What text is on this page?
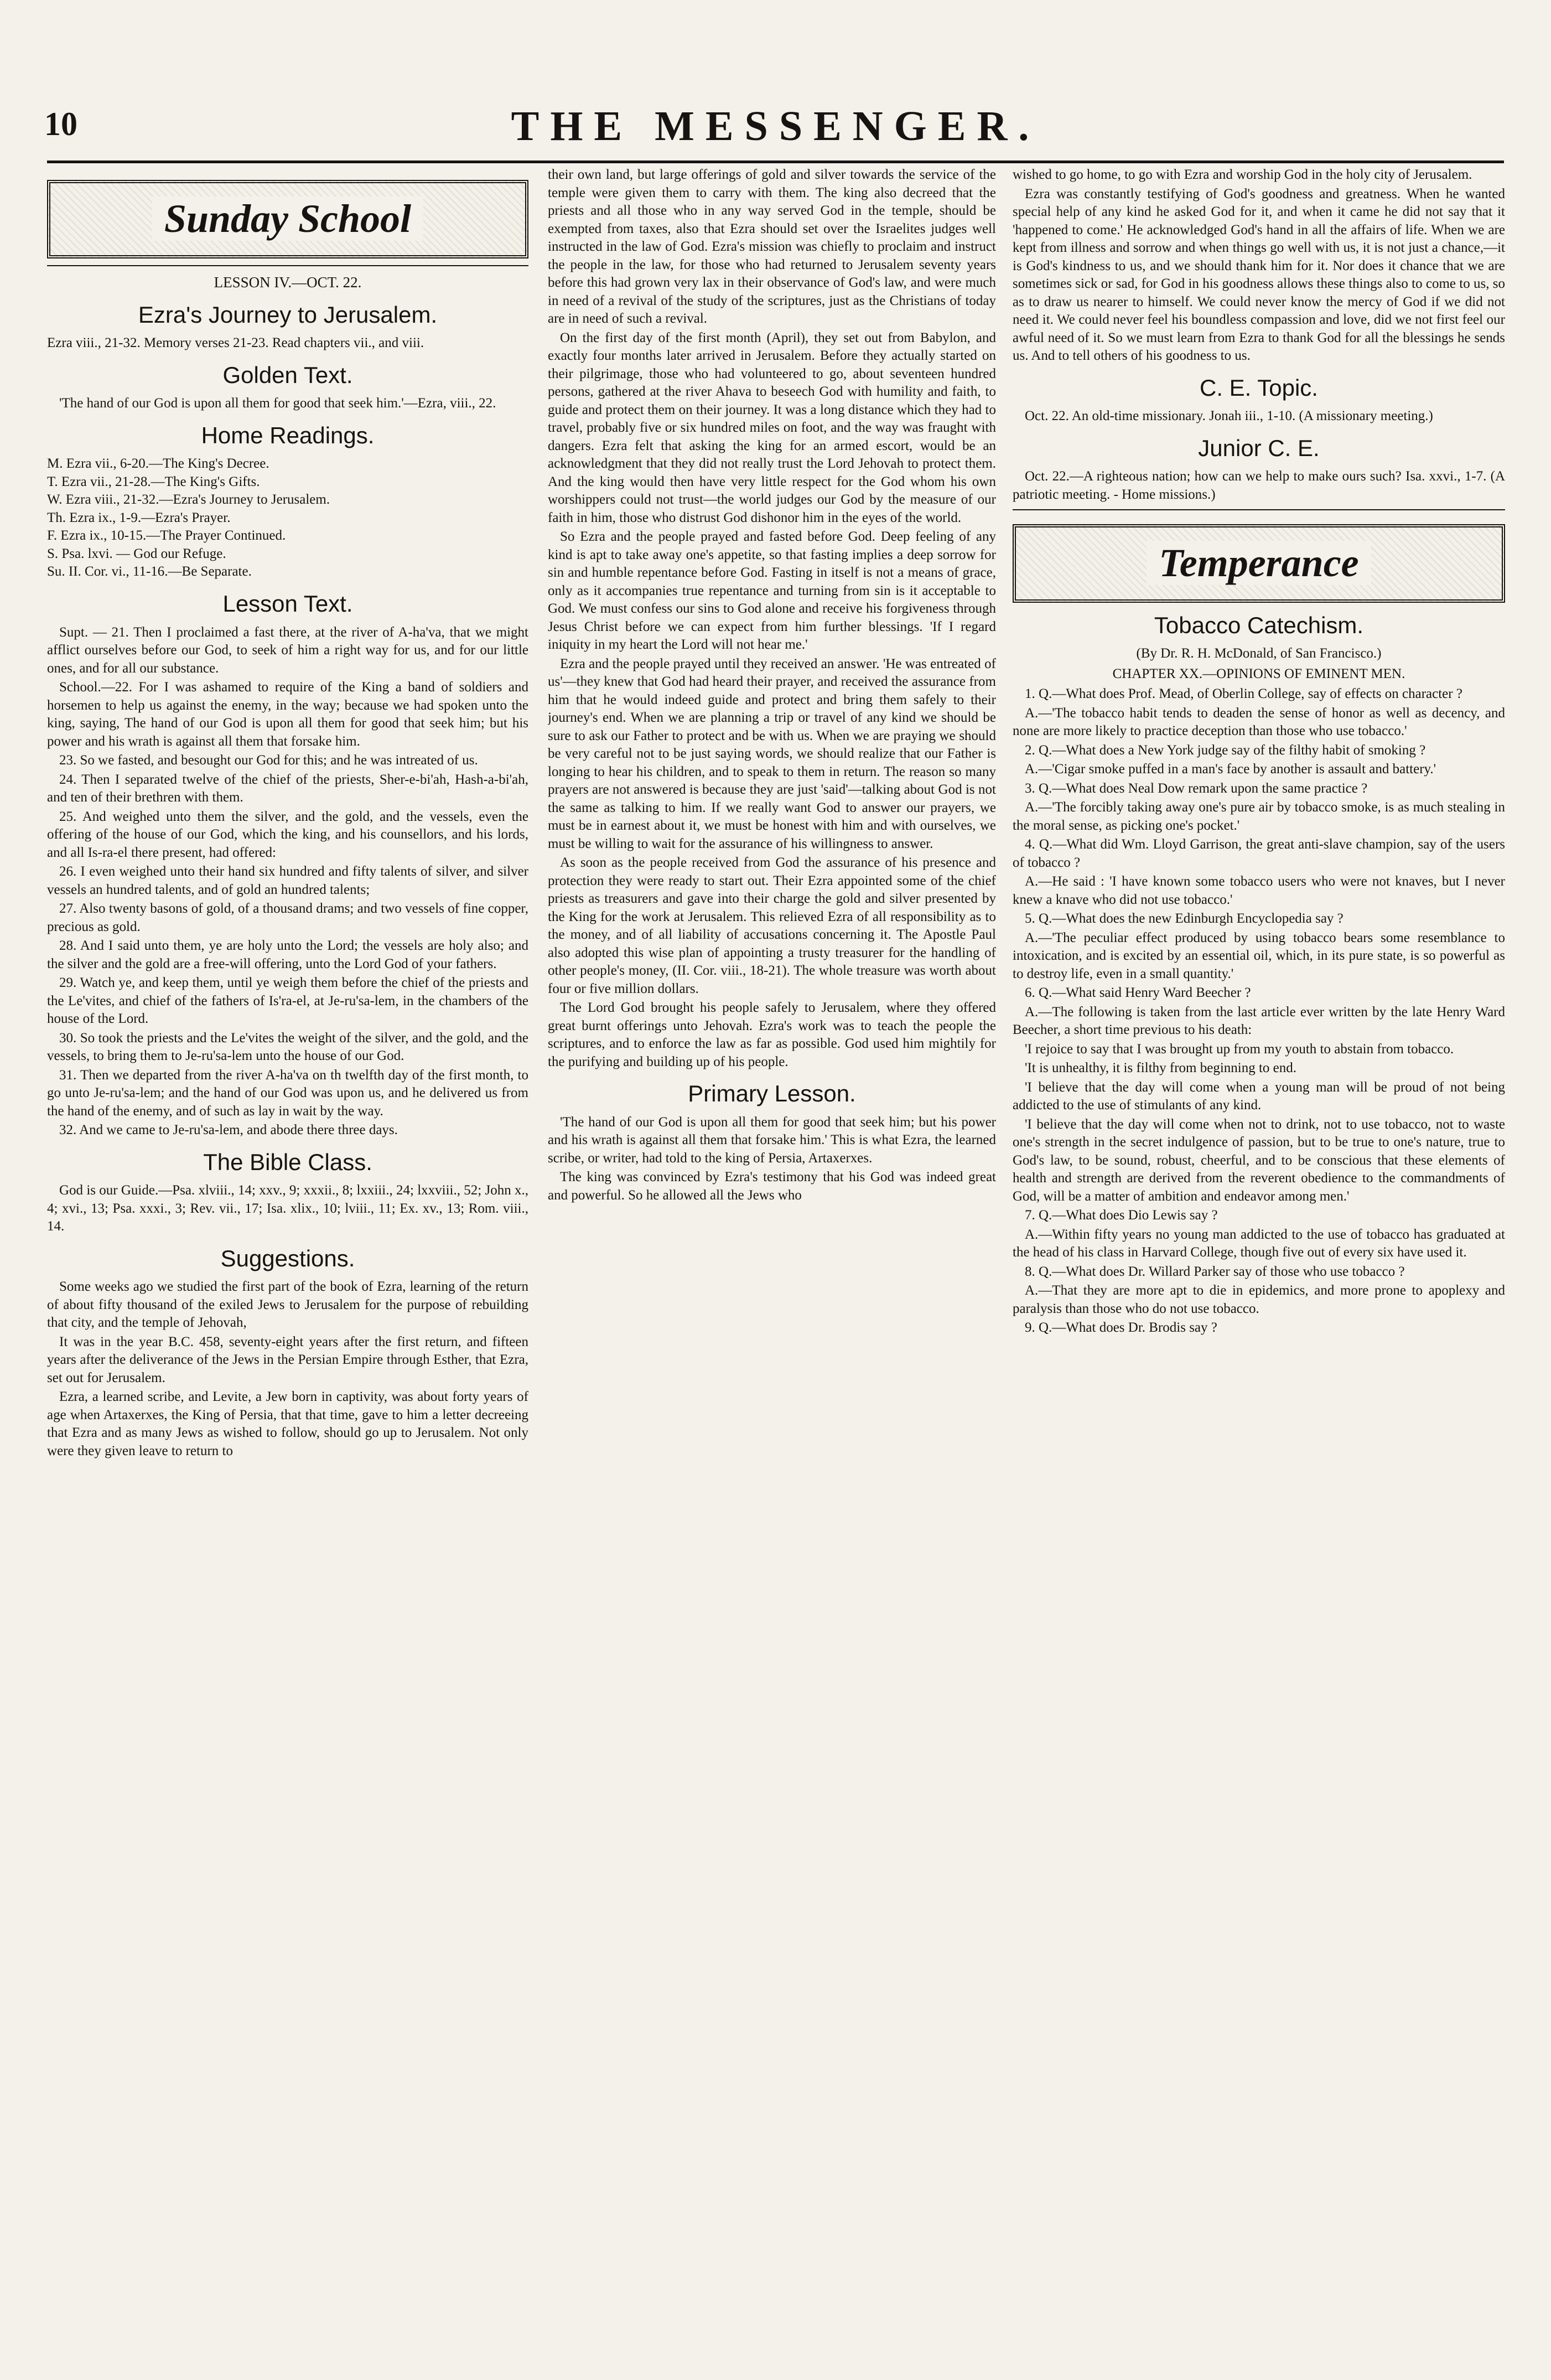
10	THE MESSENGER.
Sunday School
LESSON IV.—OCT. 22.
Ezra's Journey to Jerusalem.

Ezra viii., 21-32. Memory verses 21-23. Read chapters vii., and viii.

Golden Text.

'The hand of our God is upon all them for good that seek him.'—Ezra, viii., 22.

Home Readings.
M. Ezra vii., 6-20.—The King's Decree.
T. Ezra vii., 21-28.—The King's Gifts.
W. Ezra viii., 21-32.—Ezra's Journey to Jerusalem.
Th. Ezra ix., 1-9.—Ezra's Prayer.
F. Ezra ix., 10-15.—The Prayer Continued.
S. Psa. lxvi. — God our Refuge.
Su. II. Cor. vi., 11-16.—Be Separate.
Lesson Text.

Supt. — 21. Then I proclaimed a fast there, at the river of A-ha'va, that we might afflict ourselves before our God, to seek of him a right way for us, and for our little ones, and for all our substance.

School.—22. For I was ashamed to require of the King a band of soldiers and horsemen to help us against the enemy, in the way; because we had spoken unto the king, saying, The hand of our God is upon all them for good that seek him; but his power and his wrath is against all them that forsake him.

23. So we fasted, and besought our God for this; and he was intreated of us.

24. Then I separated twelve of the chief of the priests, Sher-e-bi'ah, Hash-a-bi'ah, and ten of their brethren with them.

25. And weighed unto them the silver, and the gold, and the vessels, even the offering of the house of our God, which the king, and his counsellors, and his lords, and all Is-ra-el there present, had offered:

26. I even weighed unto their hand six hundred and fifty talents of silver, and silver vessels an hundred talents, and of gold an hundred talents;

27. Also twenty basons of gold, of a thousand drams; and two vessels of fine copper, precious as gold.

28. And I said unto them, ye are holy unto the Lord; the vessels are holy also; and the silver and the gold are a free-will offering, unto the Lord God of your fathers.

29. Watch ye, and keep them, until ye weigh them before the chief of the priests and the Le'vites, and chief of the fathers of Is'ra-el, at Je-ru'sa-lem, in the chambers of the house of the Lord.

30. So took the priests and the Le'vites the weight of the silver, and the gold, and the vessels, to bring them to Je-ru'sa-lem unto the house of our God.

31. Then we departed from the river A-ha'va on th twelfth day of the first month, to go unto Je-ru'sa-lem; and the hand of our God was upon us, and he delivered us from the hand of the enemy, and of such as lay in wait by the way.

32. And we came to Je-ru'sa-lem, and abode there three days.

The Bible Class.

God is our Guide.—Psa. xlviii., 14; xxv., 9; xxxii., 8; lxxiii., 24; lxxviii., 52; John x., 4; xvi., 13; Psa. xxxi., 3; Rev. vii., 17; Isa. xlix., 10; lviii., 11; Ex. xv., 13; Rom. viii., 14.

Suggestions.

Some weeks ago we studied the first part of the book of Ezra, learning of the return of about fifty thousand of the exiled Jews to Jerusalem for the purpose of rebuilding that city, and the temple of Jehovah,

It was in the year B.C. 458, seventy-eight years after the first return, and fifteen years after the deliverance of the Jews in the Persian Empire through Esther, that Ezra, set out for Jerusalem.

Ezra, a learned scribe, and Levite, a Jew born in captivity, was about forty years of age when Artaxerxes, the King of Persia, that that time, gave to him a letter decreeing that Ezra and as many Jews as wished to follow, should go up to Jerusalem. Not only were they given leave to return to

their own land, but large offerings of gold and silver towards the service of the temple were given them to carry with them. The king also decreed that the priests and all those who in any way served God in the temple, should be exempted from taxes, also that Ezra should set over the Israelites judges well instructed in the law of God. Ezra's mission was chiefly to proclaim and instruct the people in the law, for those who had returned to Jerusalem seventy years before this had grown very lax in their observance of God's law, and were much in need of a revival of the study of the scriptures, just as the Christians of today are in need of such a revival.

On the first day of the first month (April), they set out from Babylon, and exactly four months later arrived in Jerusalem. Before they actually started on their pilgrimage, those who had volunteered to go, about seventeen hundred persons, gathered at the river Ahava to beseech God with humility and faith, to guide and protect them on their journey. It was a long distance which they had to travel, probably five or six hundred miles on foot, and the way was fraught with dangers. Ezra felt that asking the king for an armed escort, would be an acknowledgment that they did not really trust the Lord Jehovah to protect them. And the king would then have very little respect for the God whom his own worshippers could not trust—the world judges our God by the measure of our faith in him, those who distrust God dishonor him in the eyes of the world.

So Ezra and the people prayed and fasted before God. Deep feeling of any kind is apt to take away one's appetite, so that fasting implies a deep sorrow for sin and humble repentance before God. Fasting in itself is not a means of grace, only as it accompanies true repentance and turning from sin is it acceptable to God. We must confess our sins to God alone and receive his forgiveness through Jesus Christ before we can expect from him further blessings. 'If I regard iniquity in my heart the Lord will not hear me.'

Ezra and the people prayed until they received an answer. 'He was entreated of us'—they knew that God had heard their prayer, and received the assurance from him that he would indeed guide and protect and bring them safely to their journey's end. When we are planning a trip or travel of any kind we should be sure to ask our Father to protect and be with us. When we are praying we should be very careful not to be just saying words, we should realize that our Father is longing to hear his children, and to speak to them in return. The reason so many prayers are not answered is because they are just 'said'—talking about God is not the same as talking to him. If we really want God to answer our prayers, we must be in earnest about it, we must be honest with him and with ourselves, we must be willing to wait for the assurance of his willingness to answer.

As soon as the people received from God the assurance of his presence and protection they were ready to start out. Their Ezra appointed some of the chief priests as treasurers and gave into their charge the gold and silver presented by the King for the work at Jerusalem. This relieved Ezra of all responsibility as to the money, and of all liability of accusations concerning it. The Apostle Paul also adopted this wise plan of appointing a trusty treasurer for the handling of other people's money, (II. Cor. viii., 18-21). The whole treasure was worth about four or five million dollars.

The Lord God brought his people safely to Jerusalem, where they offered great burnt offerings unto Jehovah. Ezra's work was to teach the people the scriptures, and to enforce the law as far as possible. God used him mightily for the purifying and building up of his people.

Primary Lesson.

'The hand of our God is upon all them for good that seek him; but his power and his wrath is against all them that forsake him.' This is what Ezra, the learned scribe, or writer, had told to the king of Persia, Artaxerxes.

The king was convinced by Ezra's testimony that his God was indeed great and powerful. So he allowed all the Jews who

wished to go home, to go with Ezra and worship God in the holy city of Jerusalem.

Ezra was constantly testifying of God's goodness and greatness. When he wanted special help of any kind he asked God for it, and when it came he did not say that it 'happened to come.' He acknowledged God's hand in all the affairs of life. When we are kept from illness and sorrow and when things go well with us, it is not just a chance,—it is God's kindness to us, and we should thank him for it. Nor does it chance that we are sometimes sick or sad, for God in his goodness allows these things also to come to us, so as to draw us nearer to himself. We could never know the mercy of God if we did not need it. We could never feel his boundless compassion and love, did we not first feel our awful need of it. So we must learn from Ezra to thank God for all the blessings he sends us. And to tell others of his goodness to us.

C. E. Topic.

Oct. 22. An old-time missionary. Jonah iii., 1-10. (A missionary meeting.)

Junior C. E.

Oct. 22.—A righteous nation; how can we help to make ours such? Isa. xxvi., 1-7. (A patriotic meeting. - Home missions.)

Temperance
Tobacco Catechism.
(By Dr. R. H. McDonald, of San Francisco.)
CHAPTER XX.—OPINIONS OF EMINENT MEN.

1. Q.—What does Prof. Mead, of Oberlin College, say of effects on character ?

A.—'The tobacco habit tends to deaden the sense of honor as well as decency, and none are more likely to practice deception than those who use tobacco.'

2. Q.—What does a New York judge say of the filthy habit of smoking ?

A.—'Cigar smoke puffed in a man's face by another is assault and battery.'

3. Q.—What does Neal Dow remark upon the same practice ?

A.—'The forcibly taking away one's pure air by tobacco smoke, is as much stealing in the moral sense, as picking one's pocket.'

4. Q.—What did Wm. Lloyd Garrison, the great anti-slave champion, say of the users of tobacco ?

A.—He said : 'I have known some tobacco users who were not knaves, but I never knew a knave who did not use tobacco.'

5. Q.—What does the new Edinburgh Encyclopedia say ?

A.—'The peculiar effect produced by using tobacco bears some resemblance to intoxication, and is excited by an essential oil, which, in its pure state, is so powerful as to destroy life, even in a small quantity.'

6. Q.—What said Henry Ward Beecher ?

A.—The following is taken from the last article ever written by the late Henry Ward Beecher, a short time previous to his death:

'I rejoice to say that I was brought up from my youth to abstain from tobacco.

'It is unhealthy, it is filthy from beginning to end.

'I believe that the day will come when a young man will be proud of not being addicted to the use of stimulants of any kind.

'I believe that the day will come when not to drink, not to use tobacco, not to waste one's strength in the secret indulgence of passion, but to be true to one's nature, true to God's law, to be sound, robust, cheerful, and to be conscious that these elements of health and strength are derived from the reverent obedience to the commandments of God, will be a matter of ambition and endeavor among men.'

7. Q.—What does Dio Lewis say ?

A.—Within fifty years no young man addicted to the use of tobacco has graduated at the head of his class in Harvard College, though five out of every six have used it.

8. Q.—What does Dr. Willard Parker say of those who use tobacco ?

A.—That they are more apt to die in epidemics, and more prone to apoplexy and paralysis than those who do not use tobacco.

9. Q.—What does Dr. Brodis say ?
